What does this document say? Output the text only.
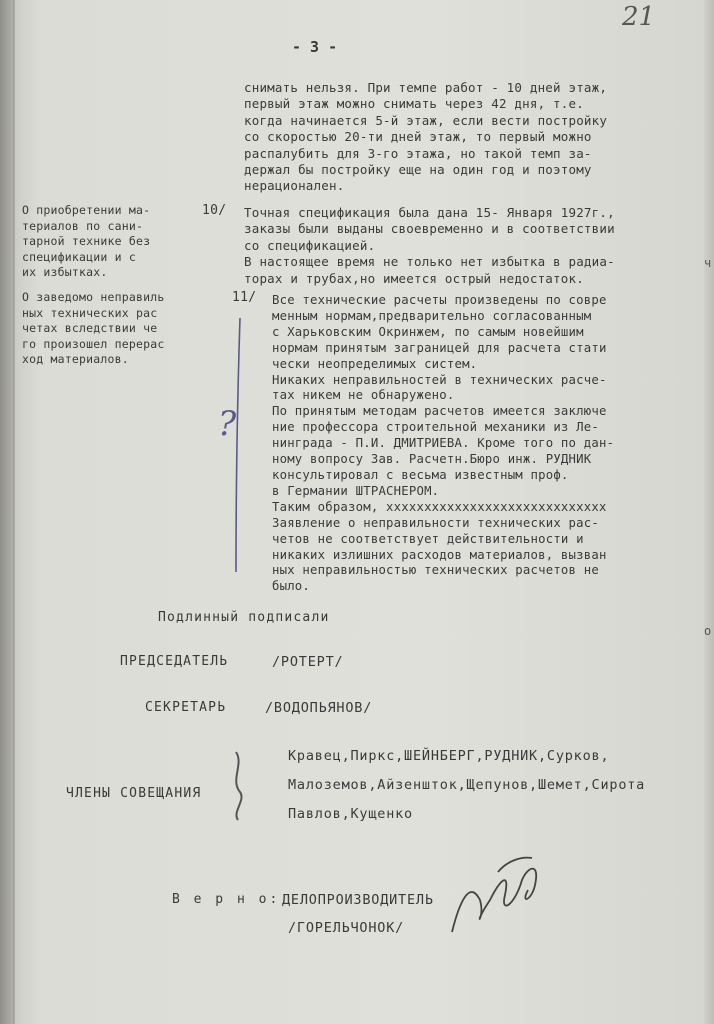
21
- 3 -
снимать нельзя. При темпе работ - 10 дней этаж,
первый этаж можно снимать через 42 дня, т.е.
когда начинается 5-й этаж, если вести постройку
со скоростью 20-ти дней этаж, то первый можно
распалубить для 3-го этажа, но такой темп за-
держал бы постройку еще на один год и поэтому
нерационален.
О приобретении ма-
териалов по сани-
тарной технике без
спецификации и с
их избытках.
10/ Точная спецификация была дана 15- Января 1927г.,
заказы были выданы своевременно и в соответствии
со спецификацией.
В настоящее время не только нет избытка в радиа-
торах и трубах,но имеется острый недостаток.
О заведомо неправиль
ных технических рас
четах вследствии че
го произошел перерас
ход материалов.
11/ Все технические расчеты произведены по совре
менным нормам,предварительно согласованным
с Харьковским Окринжем, по самым новейшим
нормам принятым заграницей для расчета стати
чески неопределимых систем.
Никаких неправильностей в технических расче-
тах никем не обнаружено.
По принятым методам расчетов имеется заключе
ние профессора строительной механики из Ле-
нинграда - П.И. ДМИТРИЕВА. Кроме того по дан-
ному вопросу Зав. Расчетн.Бюро инж. РУДНИК
консультировал с весьма известным проф.
в Германии ШТРАСНЕРОМ.
Таким образом, ххххххххххххххххххххххххххххх
Заявление о неправильности технических рас-
четов не соответствует действительности и
никаких излишних расходов материалов, вызван
ных неправильностью технических расчетов не
было.
?
Подлинный подписали
ПРЕДСЕДАТЕЛЬ	/РОТЕРТ/
СЕКРЕТАРЬ	/ВОДОПЬЯНОВ/
ЧЛЕНЫ СОВЕЩАНИЯ
Кравец,Пиркс,ШЕЙНБЕРГ,РУДНИК,Сурков,
Малоземов,Айзеншток,Щепунов,Шемет,Сирота
Павлов,Кущенко
В е р н о: ДЕЛОПРОИЗВОДИТЕЛЬ
/ГОРЕЛЬЧОНОК/
ч
о
